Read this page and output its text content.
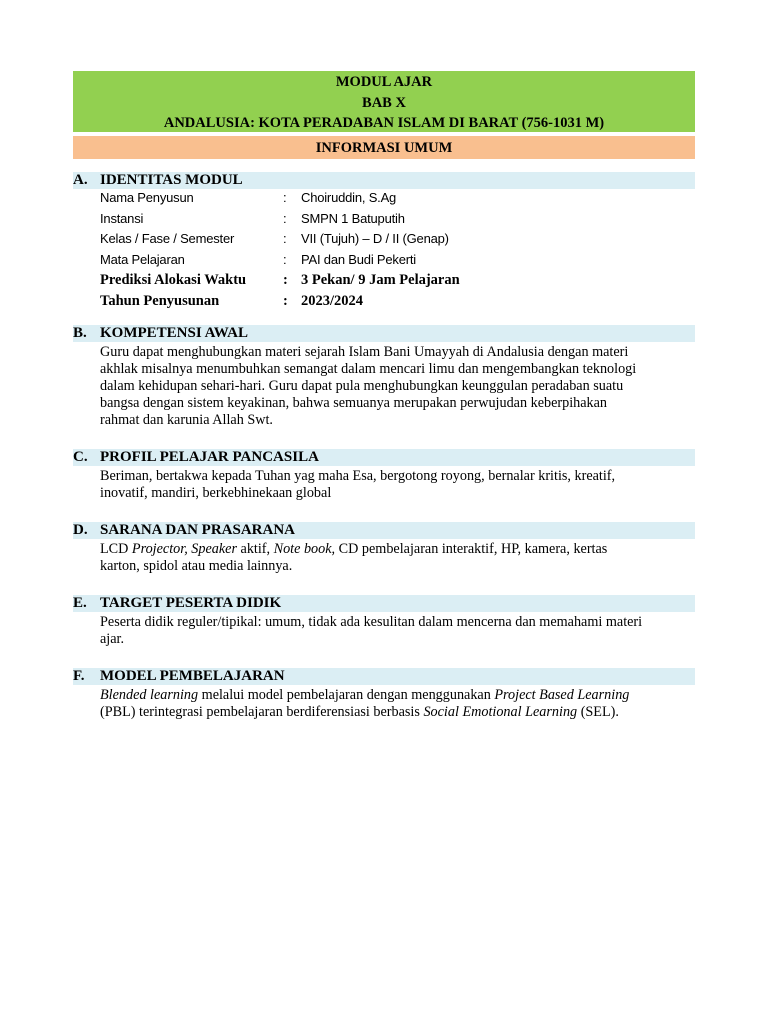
MODUL AJAR
BAB X
ANDALUSIA: KOTA PERADABAN ISLAM DI BARAT (756-1031 M)
INFORMASI UMUM
A. IDENTITAS MODUL
Nama Penyusun	: Choiruddin, S.Ag
Instansi	: SMPN 1 Batuputih
Kelas / Fase / Semester	: VII (Tujuh) – D / II (Genap)
Mata Pelajaran	: PAI dan Budi Pekerti
Prediksi Alokasi Waktu	: 3 Pekan/ 9 Jam Pelajaran
Tahun Penyusunan	: 2023/2024
B. KOMPETENSI AWAL
Guru dapat menghubungkan materi sejarah Islam Bani Umayyah di Andalusia dengan materi
akhlak misalnya menumbuhkan semangat dalam mencari limu dan mengembangkan teknologi
dalam kehidupan sehari-hari. Guru dapat pula menghubungkan keunggulan peradaban suatu
bangsa dengan sistem keyakinan, bahwa semuanya merupakan perwujudan keberpihakan
rahmat dan karunia Allah Swt.
C. PROFIL PELAJAR PANCASILA
Beriman, bertakwa kepada Tuhan yag maha Esa, bergotong royong, bernalar kritis, kreatif,
inovatif, mandiri, berkebhinekaan global
D. SARANA DAN PRASARANA
LCD Projector, Speaker aktif, Note book, CD pembelajaran interaktif, HP, kamera, kertas
karton, spidol atau media lainnya.
E. TARGET PESERTA DIDIK
Peserta didik reguler/tipikal: umum, tidak ada kesulitan dalam mencerna dan memahami materi
ajar.
F. MODEL PEMBELAJARAN
Blended learning melalui model pembelajaran dengan menggunakan Project Based Learning
(PBL) terintegrasi pembelajaran berdiferensiasi berbasis Social Emotional Learning (SEL).
